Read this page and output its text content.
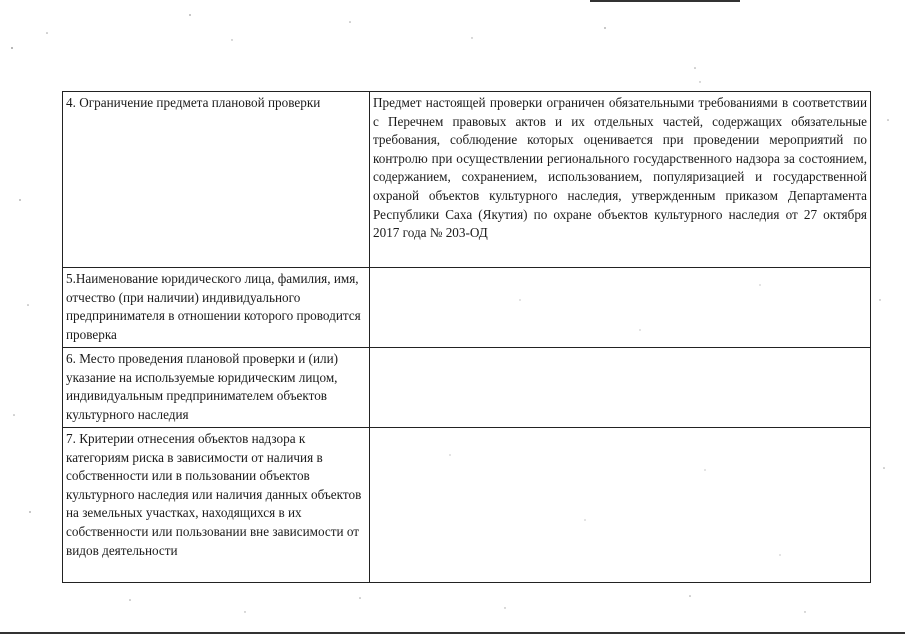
4. Ограничение предмета плановой проверки	Предмет настоящей проверки ограничен обязательными требованиями в соответствии с Перечнем правовых актов и их отдельных частей, содержащих обязательные требования, соблюдение которых оценивается при проведении мероприятий по контролю при осуществлении регионального государственного надзора за состоянием, содержанием, сохранением, использованием, популяризацией и государственной охраной объектов культурного наследия, утвержденным приказом Департамента Республики Саха (Якутия) по охране объектов культурного наследия от 27 октября 2017 года № 203-ОД
5.Наименование юридического лица, фамилия, имя, отчество (при наличии) индивидуального предпринимателя в отношении которого проводится проверка	
6. Место проведения плановой проверки и (или) указание на используемые юридическим лицом, индивидуальным предпринимателем объектов культурного наследия	
7. Критерии отнесения объектов надзора к категориям риска в зависимости от наличия в собственности или в пользовании объектов культурного наследия или наличия данных объектов на земельных участках, находящихся в их собственности или пользовании вне зависимости от видов деятельности	
